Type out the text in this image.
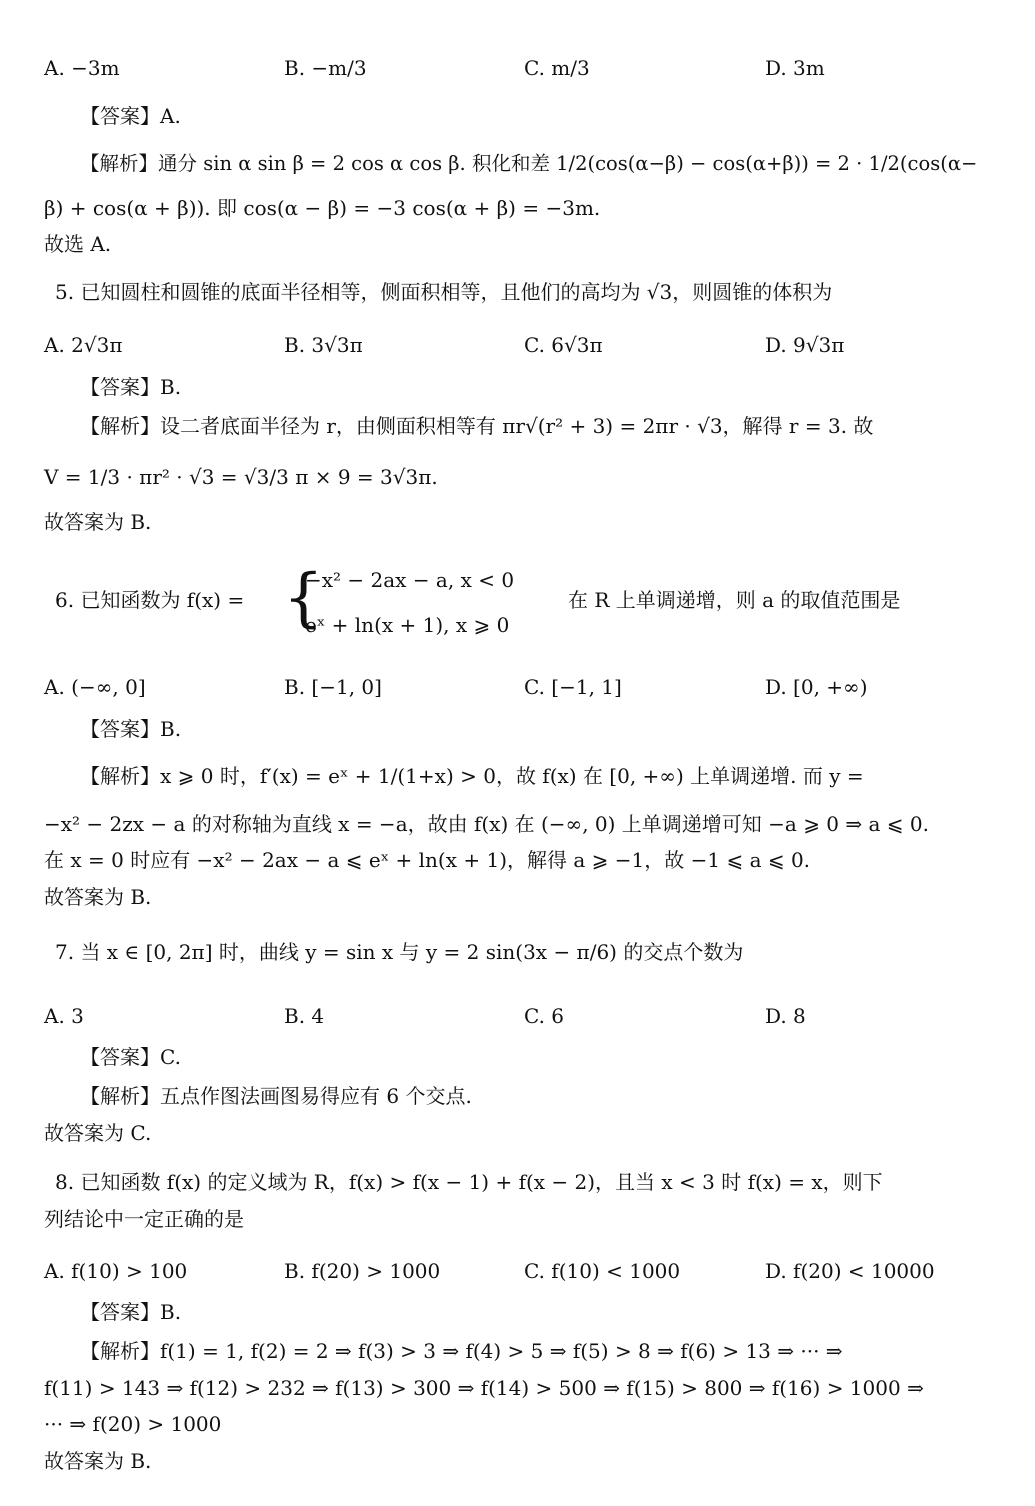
A. −3m	B. −m/3	C. m/3	D. 3m
【答案】A.
【解析】通分 sin α sin β = 2 cos α cos β. 积化和差 1/2(cos(α−β) − cos(α+β)) = 2 · 1/2(cos(α−
β) + cos(α + β)). 即 cos(α − β) = −3 cos(α + β) = −3m.
故选 A.
5. 已知圆柱和圆锥的底面半径相等，侧面积相等，且他们的高均为 √3，则圆锥的体积为
A. 2√3π	B. 3√3π	C. 6√3π	D. 9√3π
【答案】B.
【解析】设二者底面半径为 r，由侧面积相等有 πr√(r² + 3) = 2πr · √3，解得 r = 3. 故
V = 1/3 · πr² · √3 = √3/3 π × 9 = 3√3π.
故答案为 B.
6. 已知函数为 f(x) = {
−x² − 2ax − a, x < 0
eˣ + ln(x + 1), x ⩾ 0
在 R 上单调递增，则 a 的取值范围是
A. (−∞, 0]	B. [−1, 0]	C. [−1, 1]	D. [0, +∞)
【答案】B.
【解析】x ⩾ 0 时，f′(x) = eˣ + 1/(1+x) > 0，故 f(x) 在 [0, +∞) 上单调递增. 而 y =
−x² − 2zx − a 的对称轴为直线 x = −a，故由 f(x) 在 (−∞, 0) 上单调递增可知 −a ⩾ 0 ⇒ a ⩽ 0.
在 x = 0 时应有 −x² − 2ax − a ⩽ eˣ + ln(x + 1)，解得 a ⩾ −1，故 −1 ⩽ a ⩽ 0.
故答案为 B.
7. 当 x ∈ [0, 2π] 时，曲线 y = sin x 与 y = 2 sin(3x − π/6) 的交点个数为
A. 3	B. 4	C. 6	D. 8
【答案】C.
【解析】五点作图法画图易得应有 6 个交点.
故答案为 C.
8. 已知函数 f(x) 的定义域为 R，f(x) > f(x − 1) + f(x − 2)，且当 x < 3 时 f(x) = x，则下
列结论中一定正确的是
A. f(10) > 100	B. f(20) > 1000	C. f(10) < 1000	D. f(20) < 10000
【答案】B.
【解析】f(1) = 1, f(2) = 2 ⇒ f(3) > 3 ⇒ f(4) > 5 ⇒ f(5) > 8 ⇒ f(6) > 13 ⇒ ··· ⇒
f(11) > 143 ⇒ f(12) > 232 ⇒ f(13) > 300 ⇒ f(14) > 500 ⇒ f(15) > 800 ⇒ f(16) > 1000 ⇒
··· ⇒ f(20) > 1000
故答案为 B.
